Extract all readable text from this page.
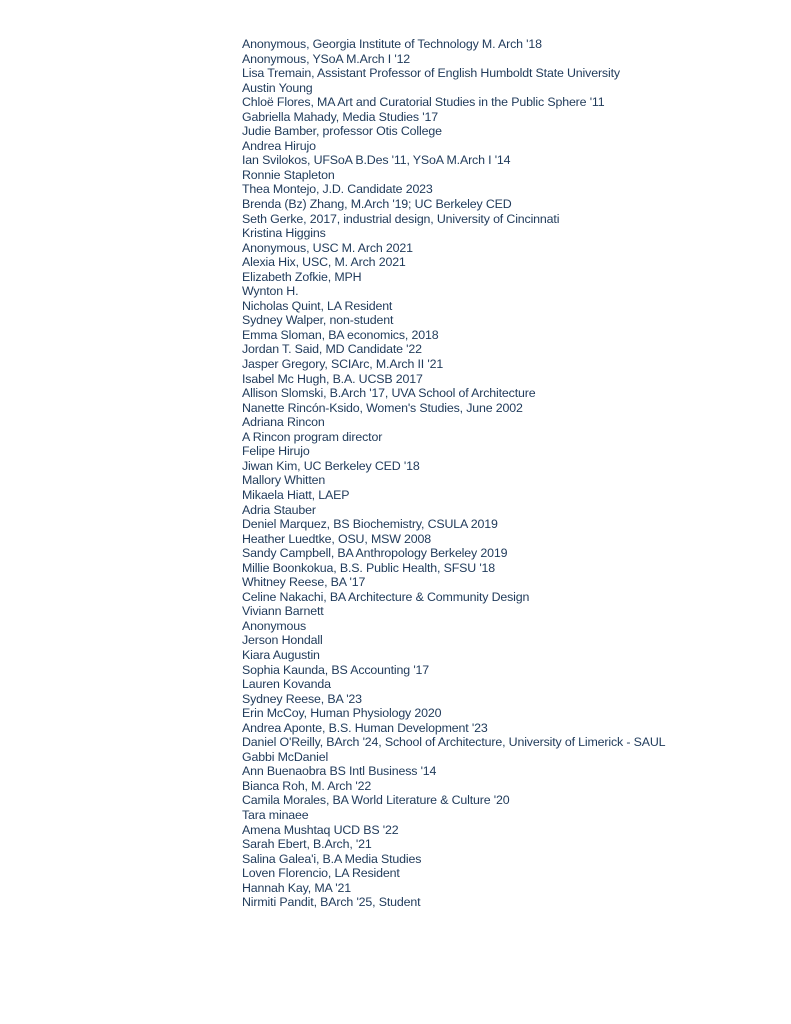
Anonymous, Georgia Institute of Technology M. Arch '18
Anonymous, YSoA M.Arch I '12
Lisa Tremain, Assistant Professor of English Humboldt State University
Austin Young
Chloë Flores, MA Art and Curatorial Studies in the Public Sphere '11
Gabriella Mahady, Media Studies '17
Judie Bamber, professor Otis College
Andrea Hirujo
Ian Svilokos, UFSoA B.Des '11, YSoA M.Arch I '14
Ronnie Stapleton
Thea Montejo, J.D. Candidate 2023
Brenda (Bz) Zhang, M.Arch '19; UC Berkeley CED
Seth Gerke, 2017, industrial design, University of Cincinnati
Kristina Higgins
Anonymous, USC M. Arch 2021
Alexia Hix, USC, M. Arch 2021
Elizabeth Zofkie, MPH
Wynton H.
Nicholas Quint, LA Resident
Sydney Walper, non-student
Emma Sloman, BA economics, 2018
Jordan T. Said, MD Candidate '22
Jasper Gregory, SCIArc, M.Arch II '21
Isabel Mc Hugh, B.A. UCSB 2017
Allison Slomski, B.Arch '17, UVA School of Architecture
Nanette Rincón-Ksido, Women's Studies, June 2002
Adriana Rincon
A Rincon program director
Felipe Hirujo
Jiwan Kim, UC Berkeley CED '18
Mallory Whitten
Mikaela Hiatt, LAEP
Adria Stauber
Deniel Marquez, BS Biochemistry, CSULA 2019
Heather Luedtke, OSU, MSW 2008
Sandy Campbell, BA Anthropology Berkeley 2019
Millie Boonkokua, B.S. Public Health, SFSU '18
Whitney Reese, BA '17
Celine Nakachi, BA Architecture & Community Design
Viviann Barnett
Anonymous
Jerson Hondall
Kiara Augustin
Sophia Kaunda, BS Accounting '17
Lauren Kovanda
Sydney Reese, BA '23
Erin McCoy, Human Physiology 2020
Andrea Aponte, B.S. Human Development '23
Daniel O'Reilly, BArch '24, School of Architecture, University of Limerick - SAUL
Gabbi McDaniel
Ann Buenaobra BS Intl Business '14
Bianca Roh, M. Arch '22
Camila Morales, BA World Literature & Culture '20
Tara minaee
Amena Mushtaq UCD BS '22
Sarah Ebert, B.Arch, '21
Salina Galea'i, B.A Media Studies
Loven Florencio, LA Resident
Hannah Kay, MA '21
Nirmiti Pandit, BArch '25, Student
